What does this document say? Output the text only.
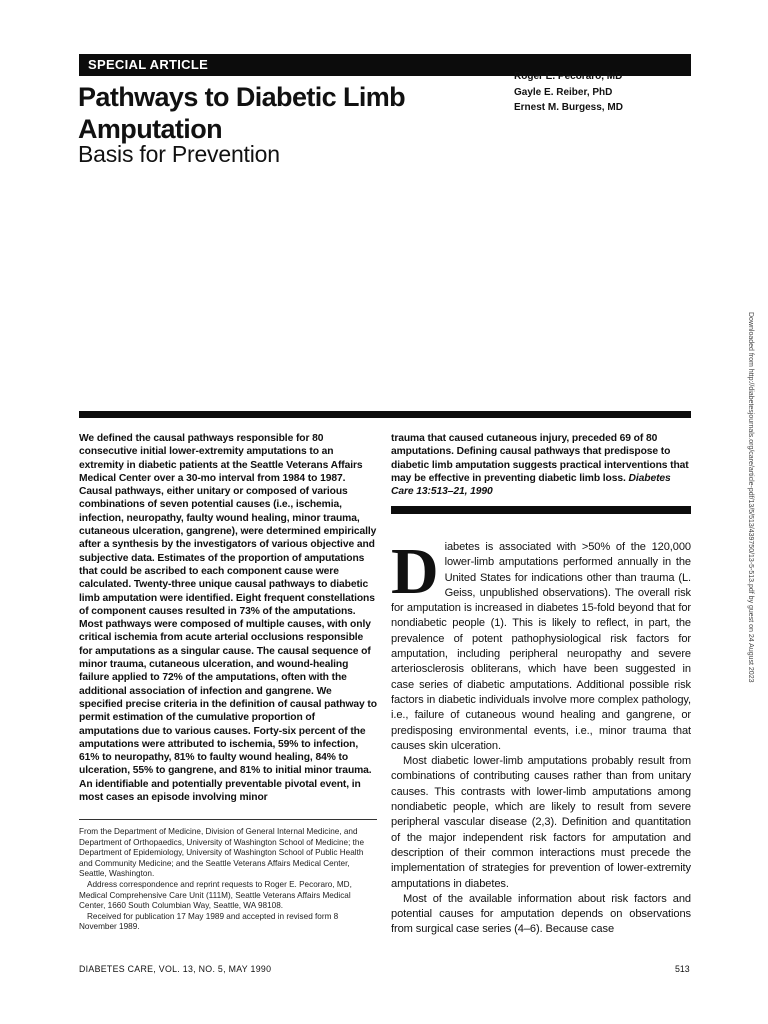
SPECIAL ARTICLE
Pathways to Diabetic Limb Amputation
Basis for Prevention
Roger E. Pecoraro, MD
Gayle E. Reiber, PhD
Ernest M. Burgess, MD
We defined the causal pathways responsible for 80 consecutive initial lower-extremity amputations to an extremity in diabetic patients at the Seattle Veterans Affairs Medical Center over a 30-mo interval from 1984 to 1987. Causal pathways, either unitary or composed of various combinations of seven potential causes (i.e., ischemia, infection, neuropathy, faulty wound healing, minor trauma, cutaneous ulceration, gangrene), were determined empirically after a synthesis by the investigators of various objective and subjective data. Estimates of the proportion of amputations that could be ascribed to each component cause were calculated. Twenty-three unique causal pathways to diabetic limb amputation were identified. Eight frequent constellations of component causes resulted in 73% of the amputations. Most pathways were composed of multiple causes, with only critical ischemia from acute arterial occlusions responsible for amputations as a singular cause. The causal sequence of minor trauma, cutaneous ulceration, and wound-healing failure applied to 72% of the amputations, often with the additional association of infection and gangrene. We specified precise criteria in the definition of causal pathway to permit estimation of the cumulative proportion of amputations due to various causes. Forty-six percent of the amputations were attributed to ischemia, 59% to infection, 61% to neuropathy, 81% to faulty wound healing, 84% to ulceration, 55% to gangrene, and 81% to initial minor trauma. An identifiable and potentially preventable pivotal event, in most cases an episode involving minor
trauma that caused cutaneous injury, preceded 69 of 80 amputations. Defining causal pathways that predispose to diabetic limb amputation suggests practical interventions that may be effective in preventing diabetic limb loss. Diabetes Care 13:513–21, 1990
D iabetes is associated with >50% of the 120,000 lower-limb amputations performed annually in the United States for indications other than trauma (L. Geiss, unpublished observations). The overall risk for amputation is increased in diabetes 15-fold beyond that for nondiabetic people (1). This is likely to reflect, in part, the prevalence of potent pathophysiological risk factors for amputation, including peripheral neuropathy and severe arteriosclerosis obliterans, which have been suggested in case series of diabetic amputations. Additional possible risk factors in diabetic individuals involve more complex pathology, i.e., failure of cutaneous wound healing and gangrene, or predisposing environmental events, i.e., minor trauma that causes skin ulceration.

Most diabetic lower-limb amputations probably result from combinations of contributing causes rather than from unitary causes. This contrasts with lower-limb amputations among nondiabetic people, which are likely to result from severe peripheral vascular disease (2,3). Definition and quantitation of the major independent risk factors for amputation and description of their common interactions must precede the implementation of strategies for prevention of lower-extremity amputations in diabetes.

Most of the available information about risk factors and potential causes for amputation depends on observations from surgical case series (4–6). Because case

From the Department of Medicine, Division of General Internal Medicine, and Department of Orthopaedics, University of Washington School of Medicine; the Department of Epidemiology, University of Washington School of Public Health and Community Medicine; and the Seattle Veterans Affairs Medical Center, Seattle, Washington.

Address correspondence and reprint requests to Roger E. Pecoraro, MD, Medical Comprehensive Care Unit (111M), Seattle Veterans Affairs Medical Center, 1660 South Columbian Way, Seattle, WA 98108.

Received for publication 17 May 1989 and accepted in revised form 8 November 1989.

DIABETES CARE, VOL. 13, NO. 5, MAY 1990	513
Downloaded from http://diabetesjournals.org/care/article-pdf/13/5/513/439750/13-5-513.pdf by guest on 24 August 2023
